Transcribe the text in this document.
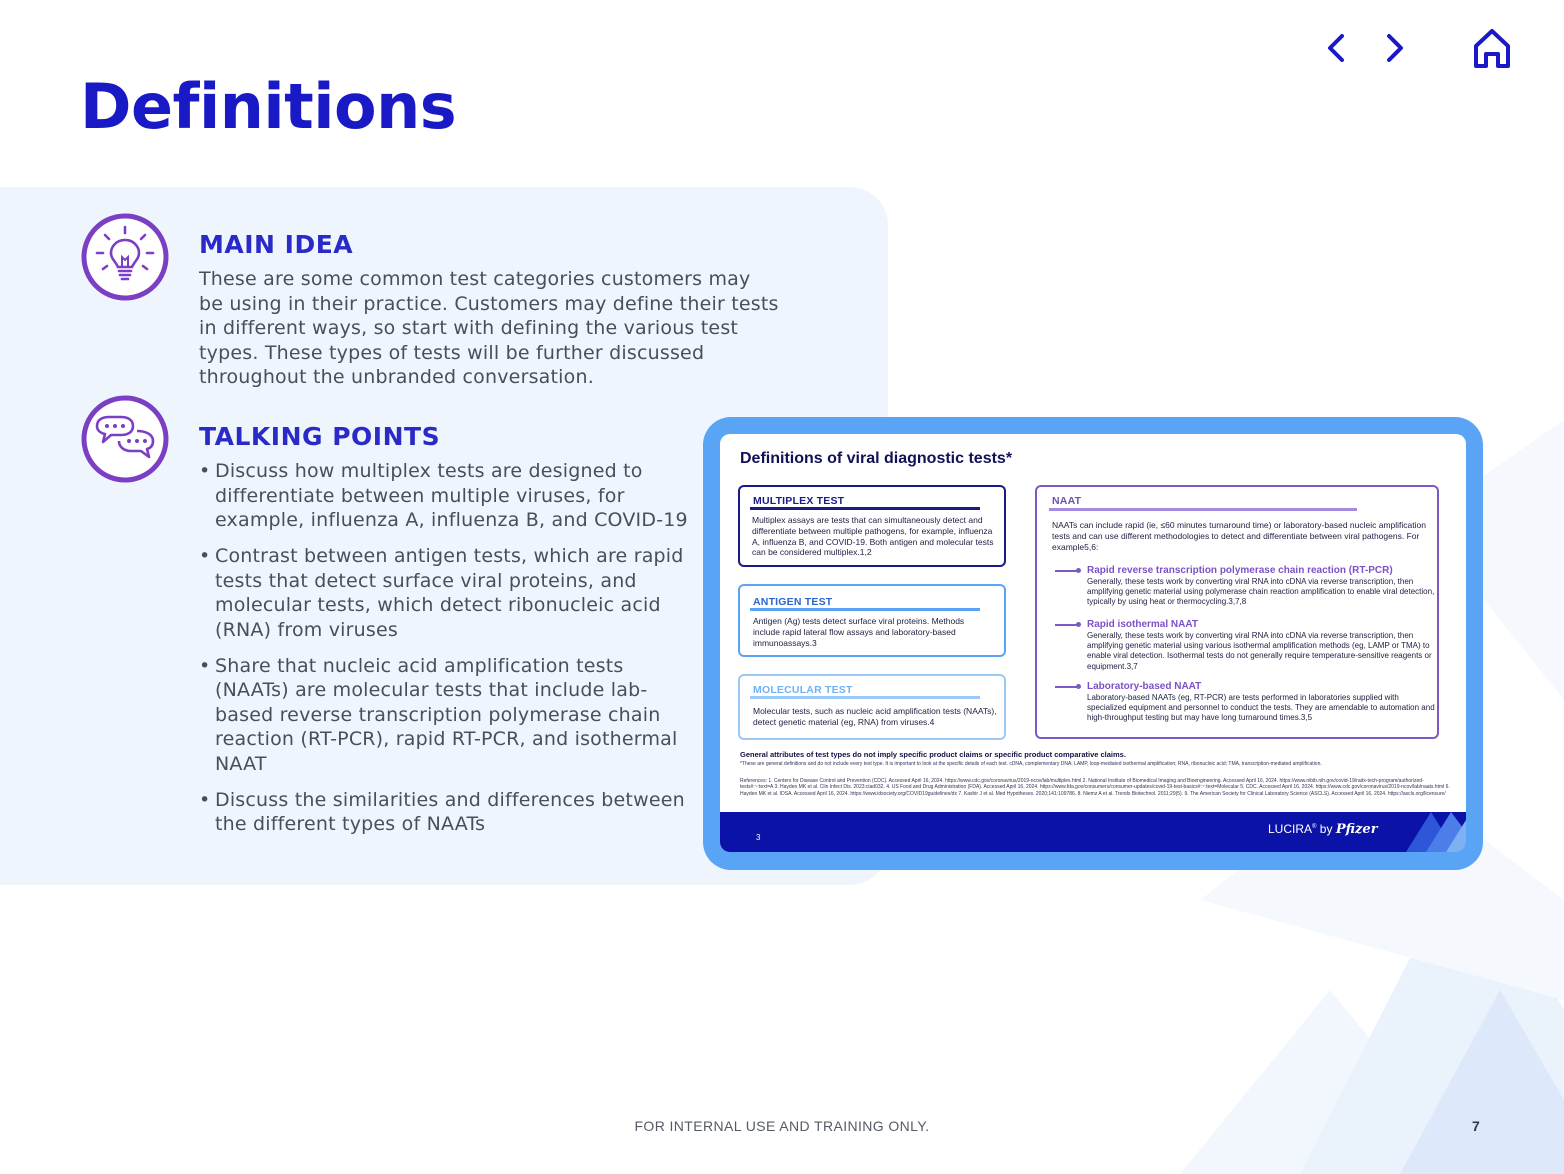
Definitions
MAIN IDEA

These are some common test categories customers may be using in their practice. Customers may define their tests in different ways, so start with defining the various test types. These types of tests will be further discussed throughout the unbranded conversation.

TALKING POINTS
• Discuss how multiplex tests are designed to differentiate between multiple viruses, for example, influenza A, influenza B, and COVID-19
• Contrast between antigen tests, which are rapid tests that detect surface viral proteins, and molecular tests, which detect ribonucleic acid (RNA) from viruses
• Share that nucleic acid amplification tests (NAATs) are molecular tests that include lab-based reverse transcription polymerase chain reaction (RT-PCR), rapid RT-PCR, and isothermal NAAT
• Discuss the similarities and differences between the different types of NAATs
Definitions of viral diagnostic tests*
MULTIPLEX TEST
Multiplex assays are tests that can simultaneously detect and differentiate between multiple pathogens, for example, influenza A, influenza B, and COVID-19. Both antigen and molecular tests can be considered multiplex.1,2
ANTIGEN TEST
Antigen (Ag) tests detect surface viral proteins. Methods include rapid lateral flow assays and laboratory-based immunoassays.3
MOLECULAR TEST
Molecular tests, such as nucleic acid amplification tests (NAATs), detect genetic material (eg, RNA) from viruses.4
NAAT
NAATs can include rapid (ie, ≤60 minutes turnaround time) or laboratory-based nucleic amplification tests and can use different methodologies to detect and differentiate between viral pathogens. For example5,6:
Rapid reverse transcription polymerase chain reaction (RT-PCR)
Generally, these tests work by converting viral RNA into cDNA via reverse transcription, then amplifying genetic material using polymerase chain reaction amplification to enable viral detection, typically by using heat or thermocycling.3,7,8
Rapid isothermal NAAT
Generally, these tests work by converting viral RNA into cDNA via reverse transcription, then amplifying genetic material using various isothermal amplification methods (eg, LAMP or TMA) to enable viral detection. Isothermal tests do not generally require temperature-sensitive reagents or equipment.3,7
Laboratory-based NAAT
Laboratory-based NAATs (eg, RT-PCR) are tests performed in laboratories supplied with specialized equipment and personnel to conduct the tests. They are amendable to automation and high-throughput testing but may have long turnaround times.3,5
General attributes of test types do not imply specific product claims or specific product comparative claims.
*These are general definitions and do not include every test type. It is important to look at the specific details of each test. cDNA, complementary DNA; LAMP, loop-mediated isothermal amplification; RNA, ribonucleic acid; TMA, transcription-mediated amplification.
References: 1. Centers for Disease Control and Prevention (CDC). Accessed April 16, 2024. https://www.cdc.gov/coronavirus/2019-ncov/lab/multiplex.html 2. National Institute of Biomedical Imaging and Bioengineering. Accessed April 16, 2024. https://www.nibib.nih.gov/covid-19/radx-tech-program/authorized-tests#:~:text=A 3. Hayden MK et al. Clin Infect Dis. 2023:ciad032. 4. US Food and Drug Administration (FDA). Accessed April 16, 2024. https://www.fda.gov/consumers/consumer-updates/covid-19-test-basics#:~:text=Molecular 5. CDC. Accessed April 16, 2024. https://www.cdc.gov/coronavirus/2019-ncov/lab/naats.html 6. Hayden MK et al. IDSA. Accessed April 16, 2024. https://www.idsociety.org/COVID19guidelines/dx 7. Kashir J et al. Med Hypotheses. 2020;141:109786. 8. Niemz A et al. Trends Biotechnol. 2011;29(5). 9. The American Society for Clinical Laboratory Science (ASCLS). Accessed April 16, 2024. https://ascls.org/licensure/
3
LUCIRA® by Pfizer
FOR INTERNAL USE AND TRAINING ONLY.	7
